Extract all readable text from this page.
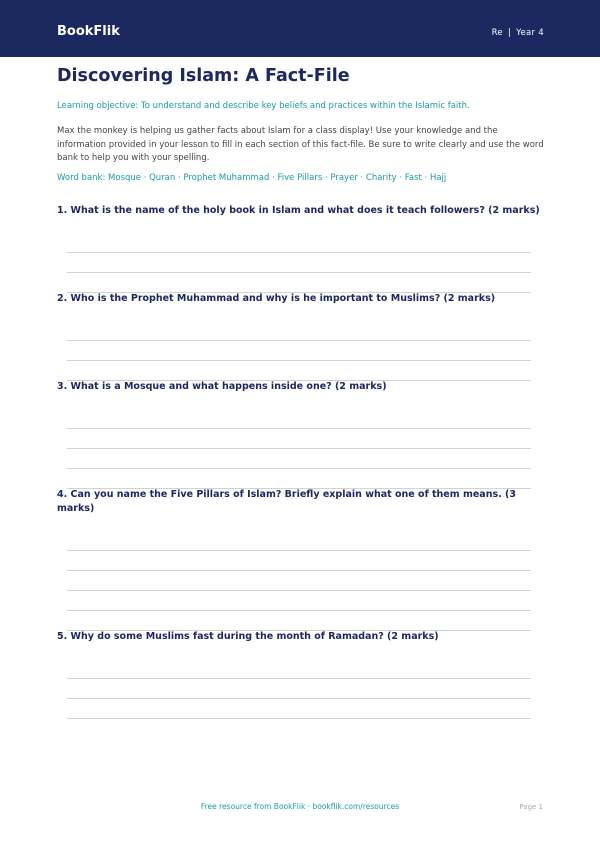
BookFlik	Re | Year 4
Discovering Islam: A Fact-File

Learning objective: To understand and describe key beliefs and practices within the Islamic faith.

Max the monkey is helping us gather facts about Islam for a class display! Use your knowledge and the information provided in your lesson to fill in each section of this fact-file. Be sure to write clearly and use the word bank to help you with your spelling.

Word bank: Mosque · Quran · Prophet Muhammad · Five Pillars · Prayer · Charity · Fast · Hajj

1. What is the name of the holy book in Islam and what does it teach followers? (2 marks)

2. Who is the Prophet Muhammad and why is he important to Muslims? (2 marks)

3. What is a Mosque and what happens inside one? (2 marks)

4. Can you name the Five Pillars of Islam? Briefly explain what one of them means. (3 marks)

5. Why do some Muslims fast during the month of Ramadan? (2 marks)

Free resource from BookFlik · bookflik.com/resources	Page 1
